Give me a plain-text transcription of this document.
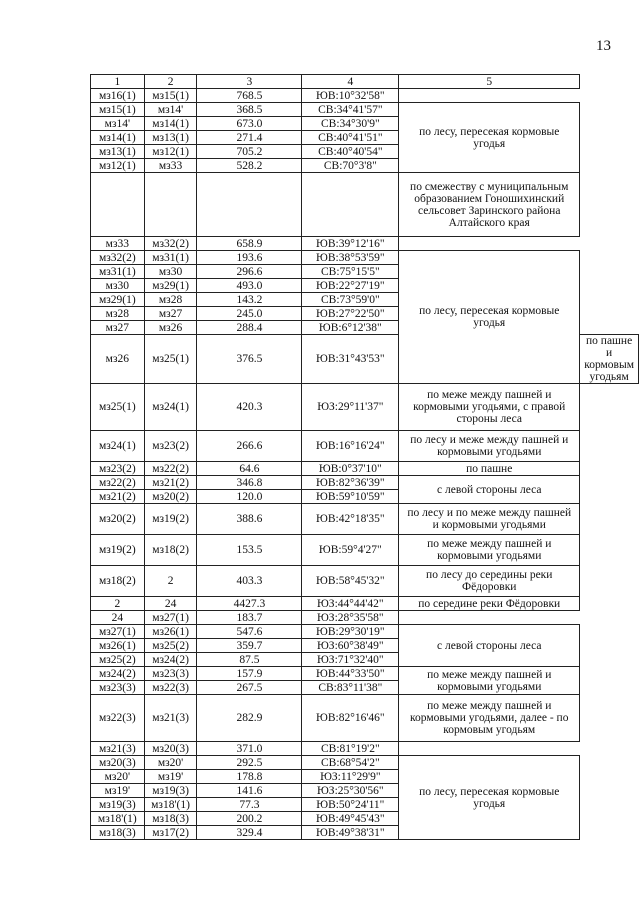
13
1	2	3	4	5	
мз16(1)	мз15(1)	768.5	ЮВ:10°32'58"		
мз15(1)	мз14'	368.5	СВ:34°41'57"	по лесу, пересекая кормовые угодья	
мз14'	мз14(1)	673.0	СВ:34°30'9"		
мз14(1)	мз13(1)	271.4	СВ:40°41'51"		
мз13(1)	мз12(1)	705.2	СВ:40°40'54"		
мз12(1)	мз33	528.2	СВ:70°3'8"		
				по смежеству с муниципальным образованием Гоношихинский сельсовет Заринского района Алтайского края	
мз33	мз32(2)	658.9	ЮВ:39°12'16"		
мз32(2)	мз31(1)	193.6	ЮВ:38°53'59"	по лесу, пересекая кормовые угодья	
мз31(1)	мз30	296.6	СВ:75°15'5"		
мз30	мз29(1)	493.0	ЮВ:22°27'19"		
мз29(1)	мз28	143.2	СВ:73°59'0"		
мз28	мз27	245.0	ЮВ:27°22'50"		
мз27	мз26	288.4	ЮВ:6°12'38"		
мз26	мз25(1)	376.5	ЮВ:31°43'53"		по пашне и кормовым угодьям
мз25(1)	мз24(1)	420.3	ЮЗ:29°11'37"	по меже между пашней и кормовыми угодьями, с правой стороны леса	
мз24(1)	мз23(2)	266.6	ЮВ:16°16'24"	по лесу и меже между пашней и кормовыми угодьями	
мз23(2)	мз22(2)	64.6	ЮВ:0°37'10"	по пашне	
мз22(2)	мз21(2)	346.8	ЮВ:82°36'39"	с левой стороны леса	
мз21(2)	мз20(2)	120.0	ЮВ:59°10'59"		
мз20(2)	мз19(2)	388.6	ЮВ:42°18'35"	по лесу и по меже между пашней и кормовыми угодьями	
мз19(2)	мз18(2)	153.5	ЮВ:59°4'27"	по меже между пашней и кормовыми угодьями	
мз18(2)	2	403.3	ЮВ:58°45'32"	по лесу до середины реки Фёдоровки	
2	24	4427.3	ЮЗ:44°44'42"	по середине реки Фёдоровки	
24	мз27(1)	183.7	ЮЗ:28°35'58"		
мз27(1)	мз26(1)	547.6	ЮВ:29°30'19"	с левой стороны леса	
мз26(1)	мз25(2)	359.7	ЮЗ:60°38'49"		
мз25(2)	мз24(2)	87.5	ЮЗ:71°32'40"		
мз24(2)	мз23(3)	157.9	ЮВ:44°33'50"	по меже между пашней и кормовыми угодьями	
мз23(3)	мз22(3)	267.5	СВ:83°11'38"		
мз22(3)	мз21(3)	282.9	ЮВ:82°16'46"	по меже между пашней и кормовыми угодьями, далее - по кормовым угодьям	
мз21(3)	мз20(3)	371.0	СВ:81°19'2"		
мз20(3)	мз20'	292.5	СВ:68°54'2"	по лесу, пересекая кормовые угодья	
мз20'	мз19'	178.8	ЮЗ:11°29'9"		
мз19'	мз19(3)	141.6	ЮЗ:25°30'56"		
мз19(3)	мз18'(1)	77.3	ЮВ:50°24'11"		
мз18'(1)	мз18(3)	200.2	ЮВ:49°45'43"		
мз18(3)	мз17(2)	329.4	ЮВ:49°38'31"		
